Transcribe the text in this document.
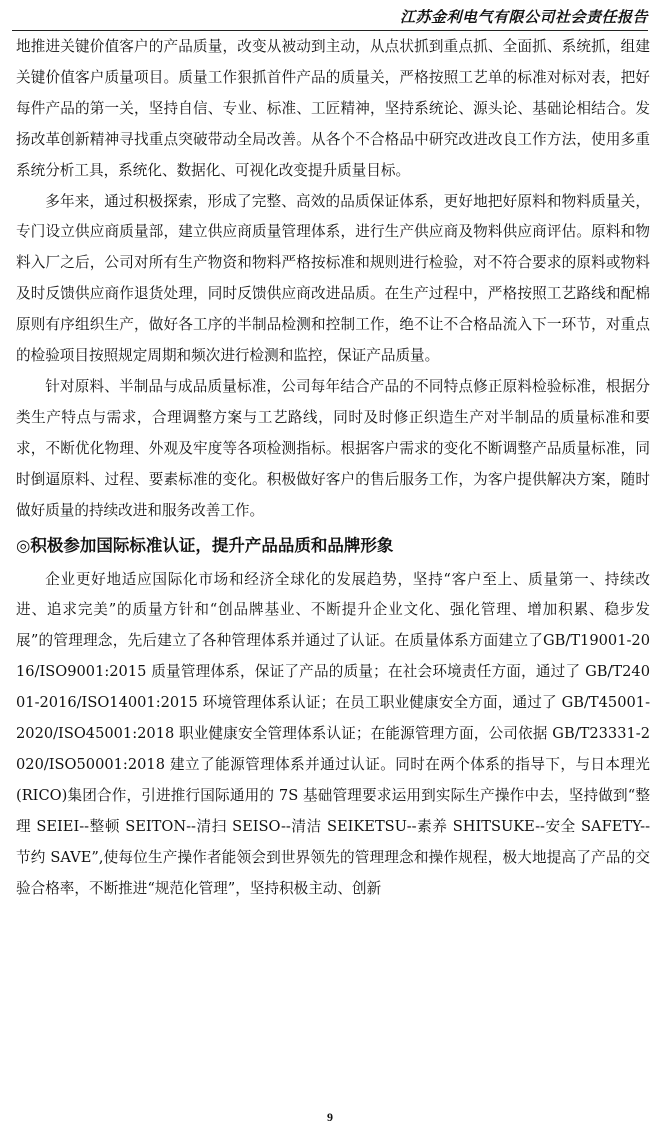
江苏金利电气有限公司社会责任报告

地推进关键价值客户的产品质量，改变从被动到主动，从点状抓到重点抓、全面抓、系统抓，组建关键价值客户质量项目。质量工作狠抓首件产品的质量关，严格按照工艺单的标准对标对表，把好每件产品的第一关，坚持自信、专业、标准、工匠精神，坚持系统论、源头论、基础论相结合。发扬改革创新精神寻找重点突破带动全局改善。从各个不合格品中研究改进改良工作方法，使用多重系统分析工具，系统化、数据化、可视化改变提升质量目标。

多年来，通过积极探索，形成了完整、高效的品质保证体系，更好地把好原料和物料质量关，专门设立供应商质量部，建立供应商质量管理体系，进行生产供应商及物料供应商评估。原料和物料入厂之后，公司对所有生产物资和物料严格按标准和规则进行检验，对不符合要求的原料或物料及时反馈供应商作退货处理，同时反馈供应商改进品质。在生产过程中，严格按照工艺路线和配棉原则有序组织生产，做好各工序的半制品检测和控制工作，绝不让不合格品流入下一环节，对重点的检验项目按照规定周期和频次进行检测和监控，保证产品质量。

针对原料、半制品与成品质量标准，公司每年结合产品的不同特点修正原料检验标准，根据分类生产特点与需求，合理调整方案与工艺路线，同时及时修正织造生产对半制品的质量标准和要求，不断优化物理、外观及牢度等各项检测指标。根据客户需求的变化不断调整产品质量标准，同时倒逼原料、过程、要素标准的变化。积极做好客户的售后服务工作，为客户提供解决方案，随时做好质量的持续改进和服务改善工作。

◎积极参加国际标准认证，提升产品品质和品牌形象

企业更好地适应国际化市场和经济全球化的发展趋势，坚持“客户至上、质量第一、持续改进、追求完美”的质量方针和“创品牌基业、不断提升企业文化、强化管理、增加积累、稳步发展”的管理理念，先后建立了各种管理体系并通过了认证。在质量体系方面建立了GB/T19001-2016/ISO9001:2015 质量管理体系，保证了产品的质量；在社会环境责任方面，通过了 GB/T24001-2016/ISO14001:2015 环境管理体系认证；在员工职业健康安全方面，通过了 GB/T45001-2020/ISO45001:2018 职业健康安全管理体系认证；在能源管理方面，公司依据 GB/T23331-2020/ISO50001:2018 建立了能源管理体系并通过认证。同时在两个体系的指导下，与日本理光(RICO)集团合作，引进推行国际通用的 7S 基础管理要求运用到实际生产操作中去，坚持做到“整理 SEIEI--整顿 SEITON--清扫 SEISO--清洁 SEIKETSU--素养 SHITSUKE--安全 SAFETY--节约 SAVE”,使每位生产操作者能领会到世界领先的管理理念和操作规程，极大地提高了产品的交验合格率，不断推进“规范化管理”，坚持积极主动、创新

9
